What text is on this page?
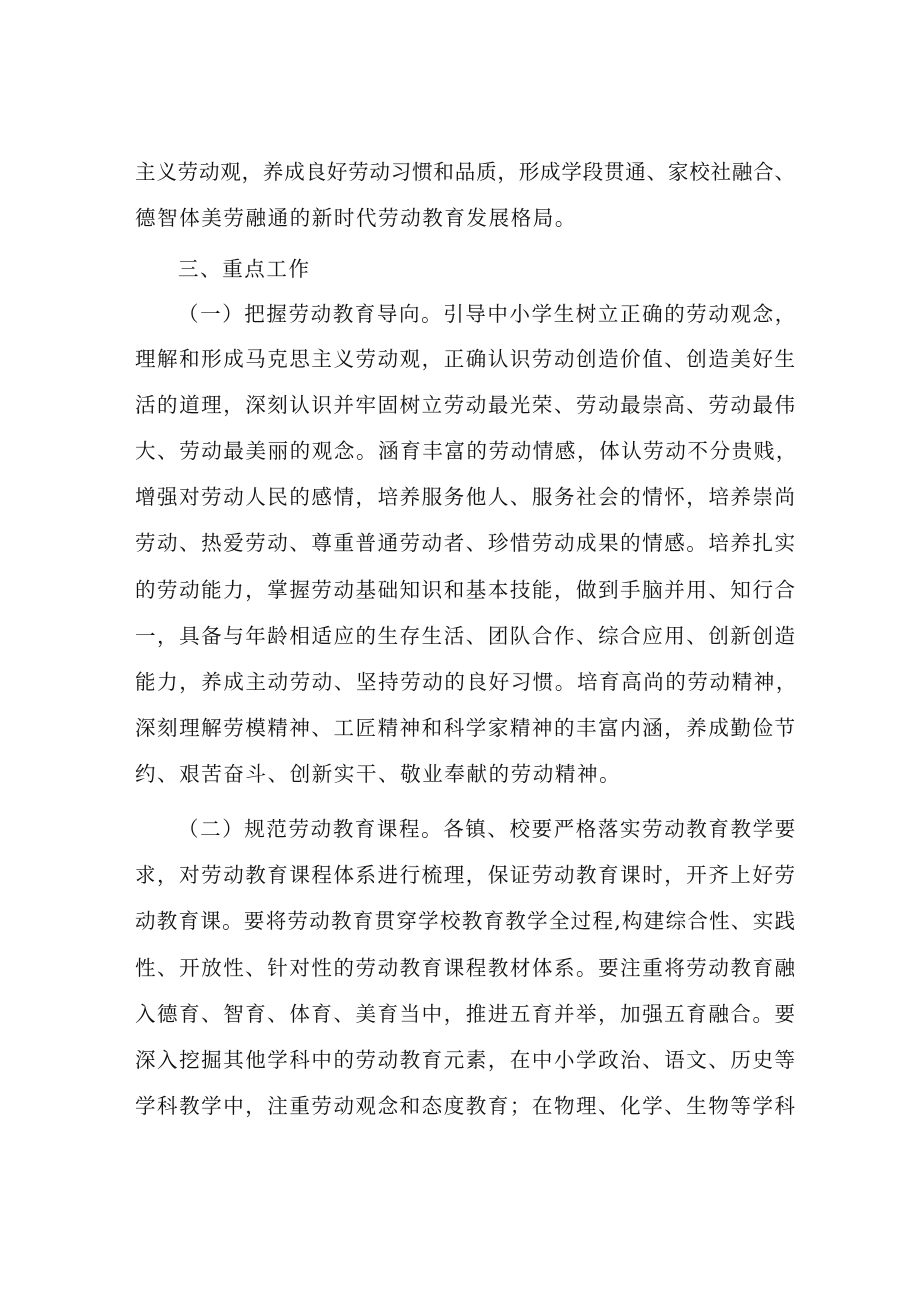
主义劳动观，养成良好劳动习惯和品质，形成学段贯通、家校社融合、
德智体美劳融通的新时代劳动教育发展格局。
三、重点工作
（一）把握劳动教育导向。引导中小学生树立正确的劳动观念，
理解和形成马克思主义劳动观，正确认识劳动创造价值、创造美好生
活的道理，深刻认识并牢固树立劳动最光荣、劳动最崇高、劳动最伟
大、劳动最美丽的观念。涵育丰富的劳动情感，体认劳动不分贵贱，
增强对劳动人民的感情，培养服务他人、服务社会的情怀，培养崇尚
劳动、热爱劳动、尊重普通劳动者、珍惜劳动成果的情感。培养扎实
的劳动能力，掌握劳动基础知识和基本技能，做到手脑并用、知行合
一，具备与年龄相适应的生存生活、团队合作、综合应用、创新创造
能力，养成主动劳动、坚持劳动的良好习惯。培育高尚的劳动精神，
深刻理解劳模精神、工匠精神和科学家精神的丰富内涵，养成勤俭节
约、艰苦奋斗、创新实干、敬业奉献的劳动精神。
（二）规范劳动教育课程。各镇、校要严格落实劳动教育教学要
求，对劳动教育课程体系进行梳理，保证劳动教育课时，开齐上好劳
动教育课。要将劳动教育贯穿学校教育教学全过程,构建综合性、实践
性、开放性、针对性的劳动教育课程教材体系。要注重将劳动教育融
入德育、智育、体育、美育当中，推进五育并举，加强五育融合。要
深入挖掘其他学科中的劳动教育元素，在中小学政治、语文、历史等
学科教学中，注重劳动观念和态度教育；在物理、化学、生物等学科
